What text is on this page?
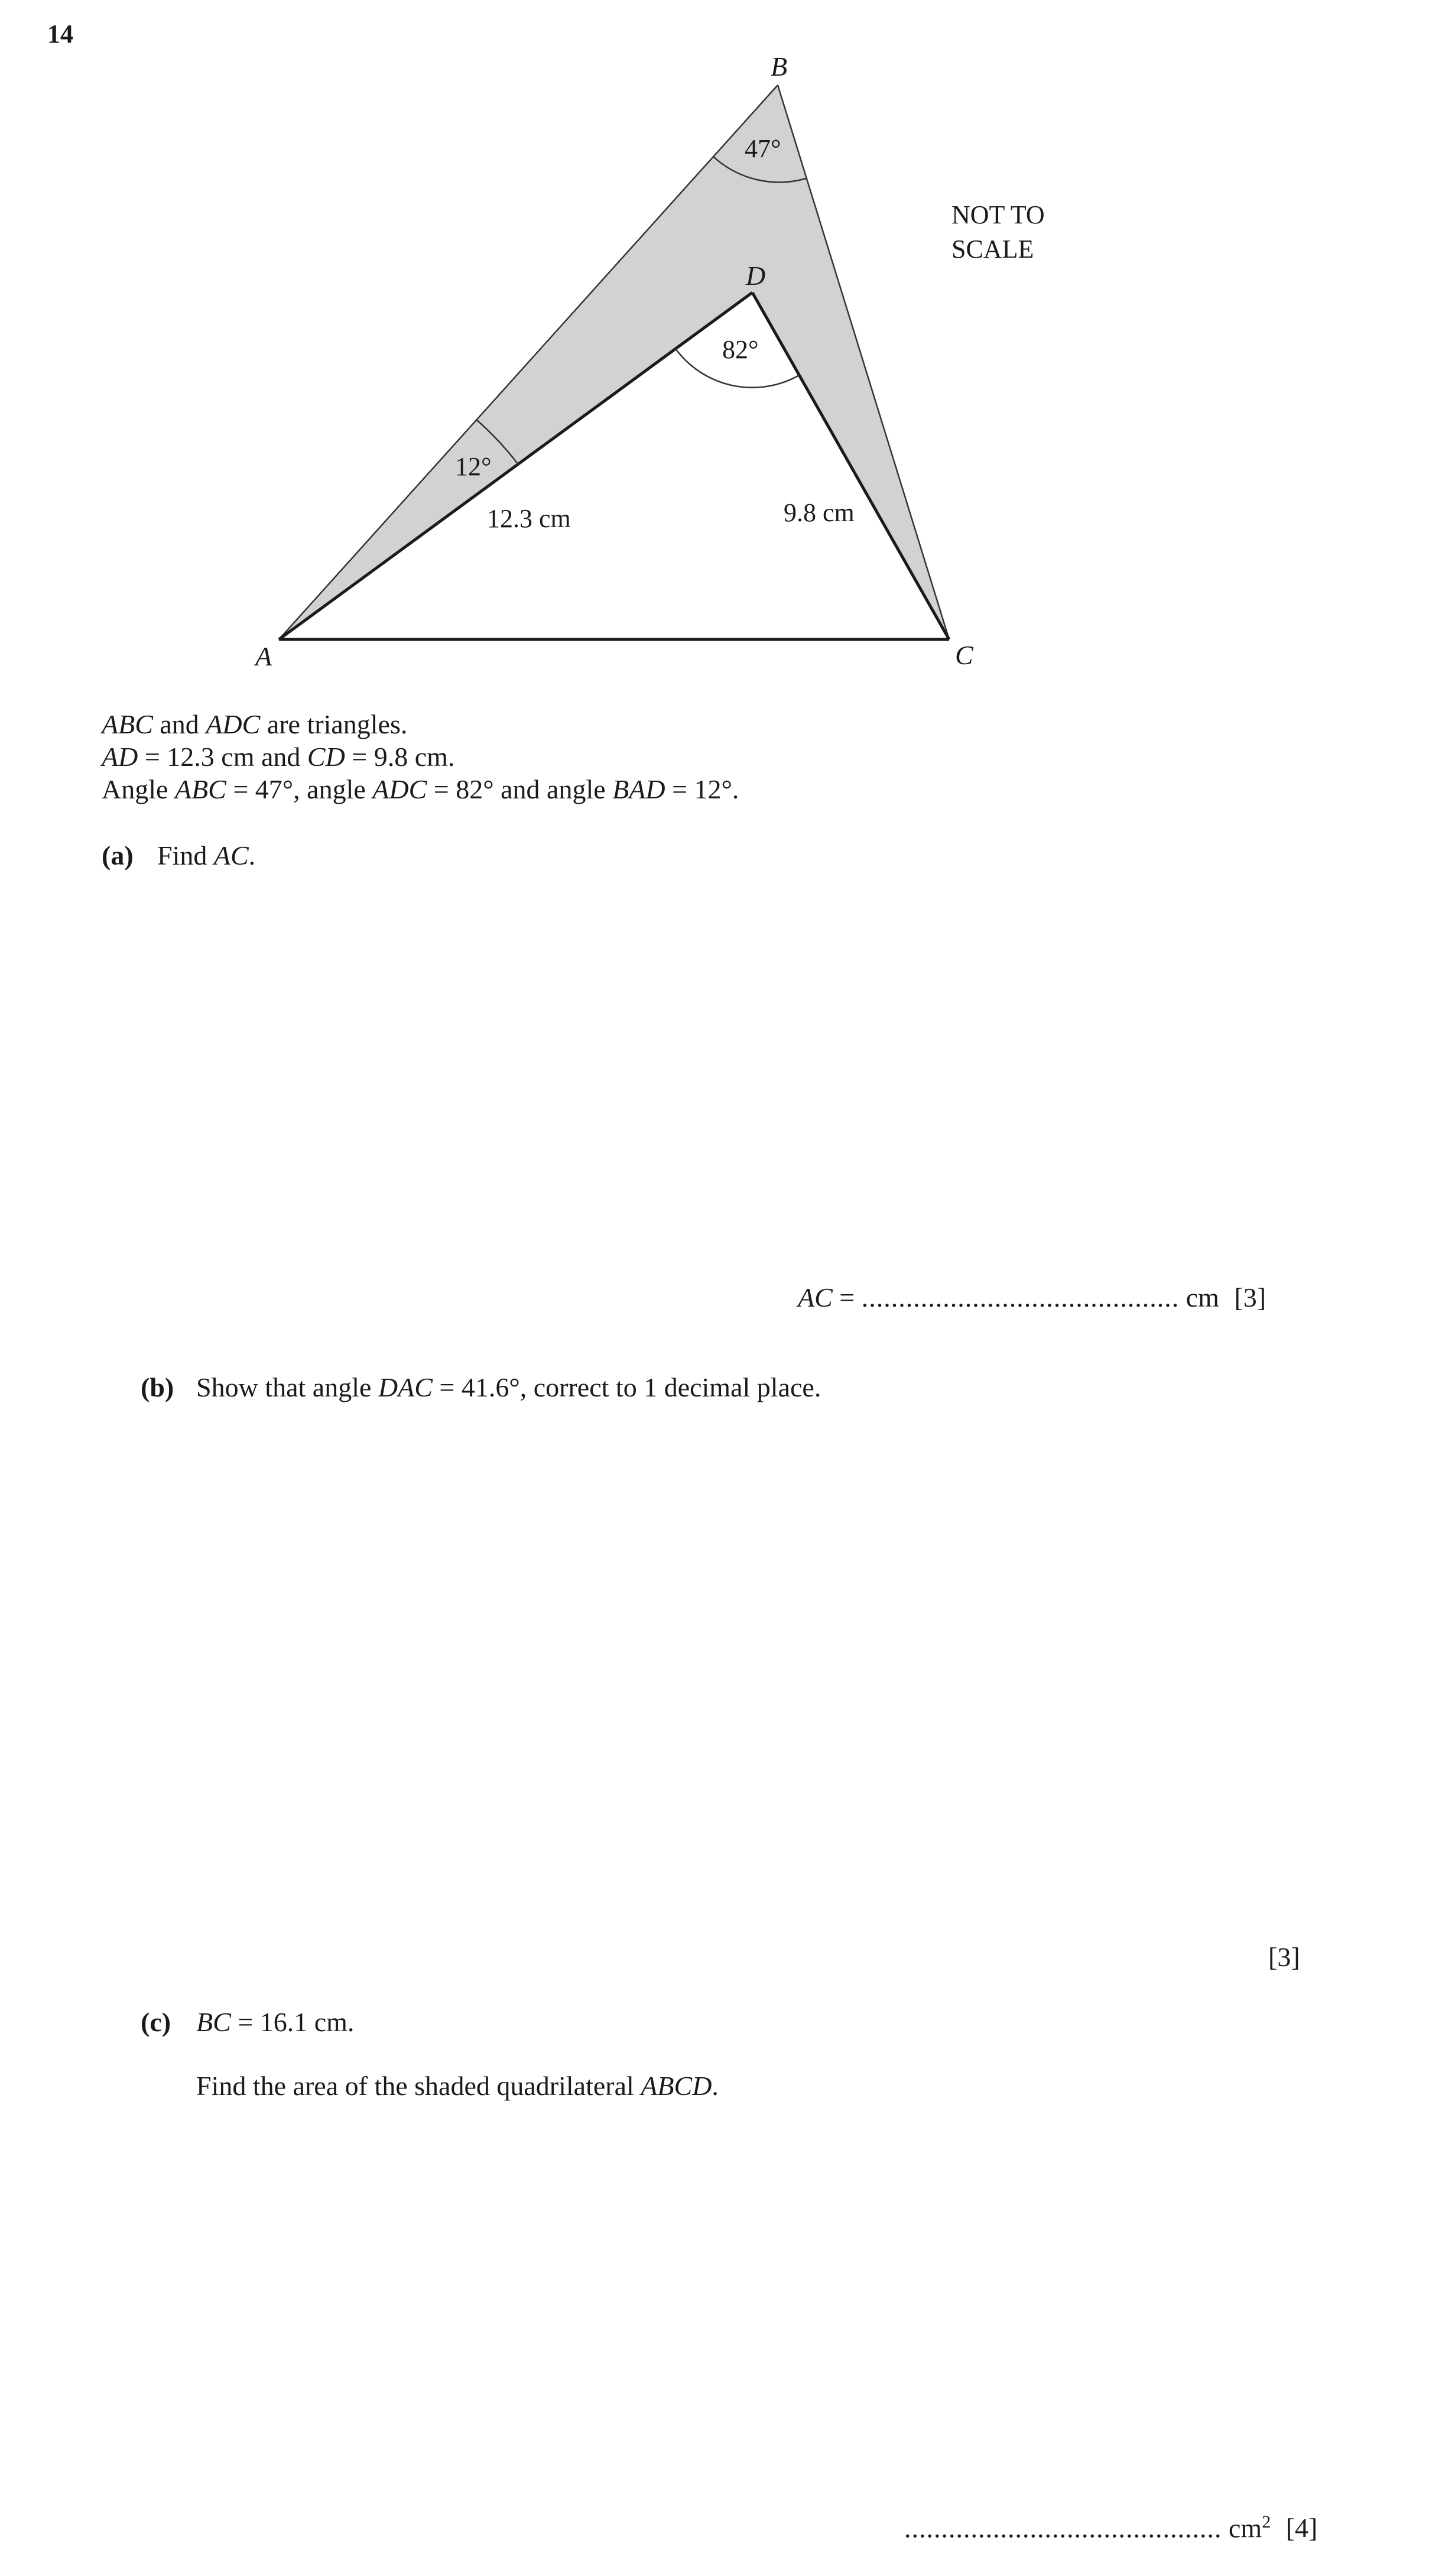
14
B
D
A	C
47°
82°
12°
12.3 cm	9.8 cm
NOT TO
SCALE
ABC and ADC are triangles.
AD = 12.3 cm and CD = 9.8 cm.
Angle ABC = 47°, angle ADC = 82° and angle BAD = 12°.
(a) Find AC.
AC = ........................................... cm [3]
(b) Show that angle DAC = 41.6°, correct to 1 decimal place.
[3]
(c) BC = 16.1 cm.
Find the area of the shaded quadrilateral ABCD.
........................................... $cm^2$ [4]
